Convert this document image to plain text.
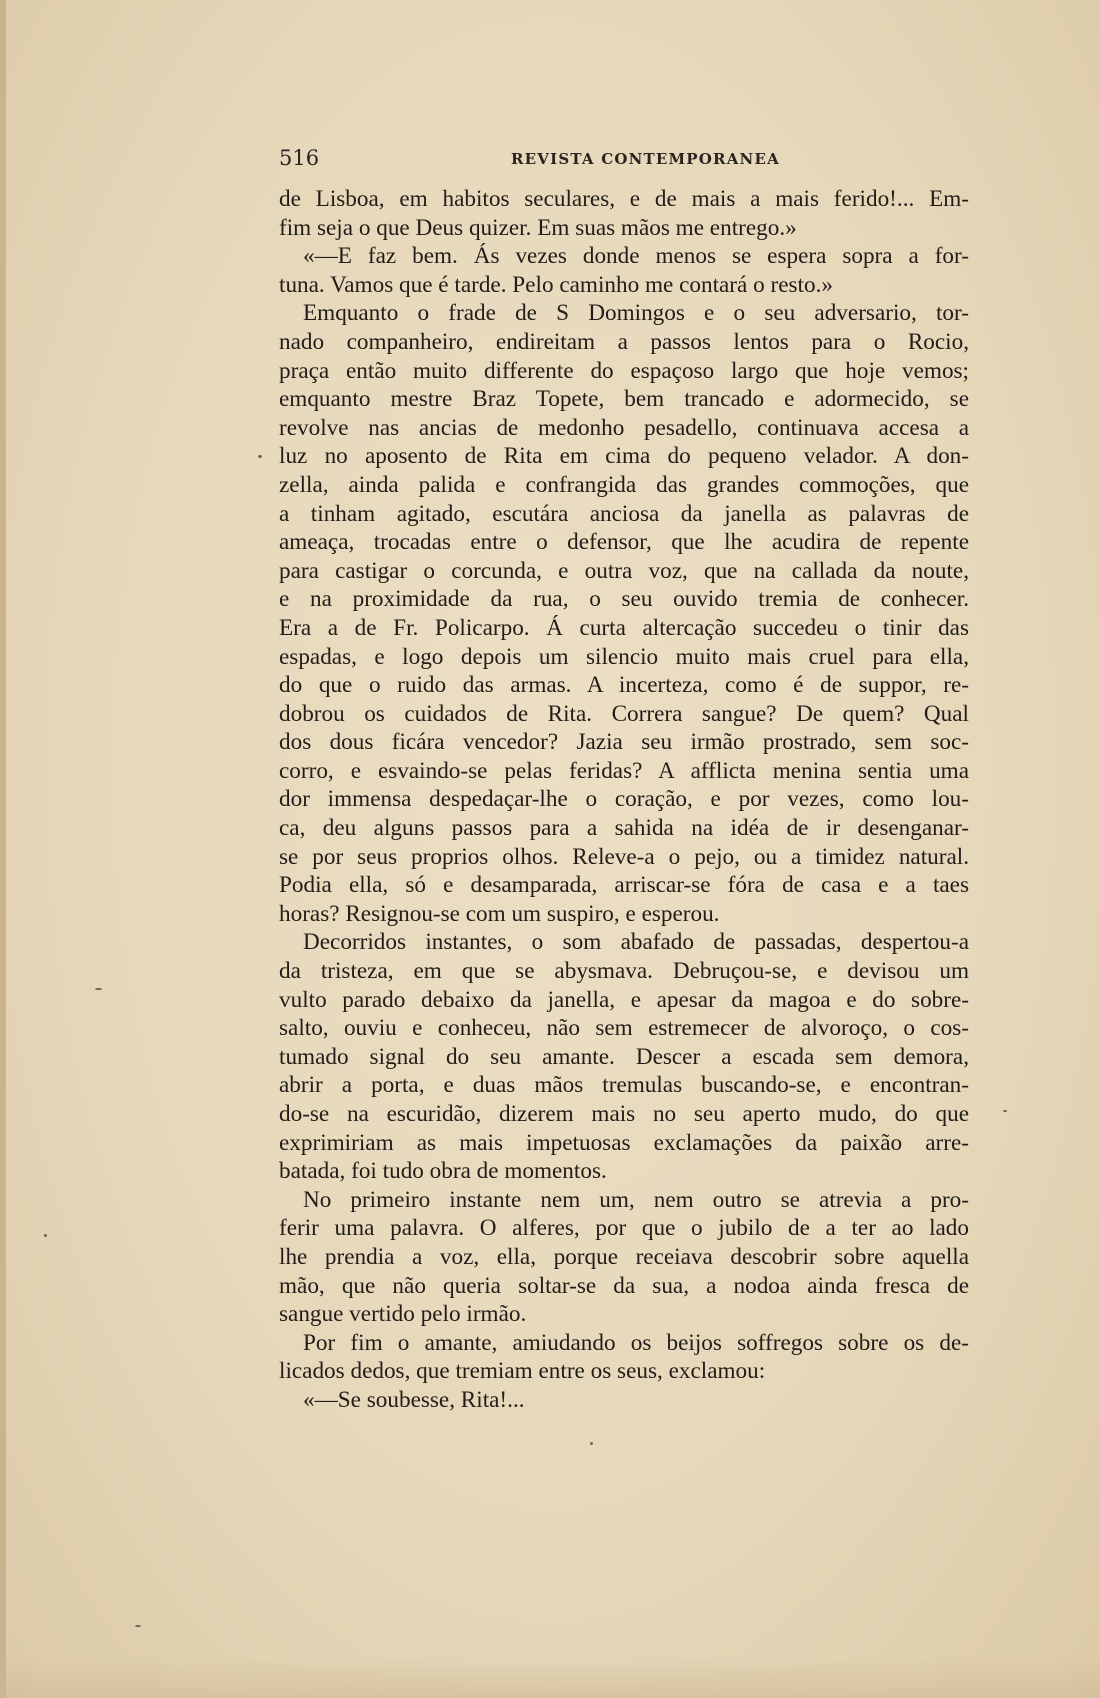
516	REVISTA CONTEMPORANEA
de Lisboa, em habitos seculares, e de mais a mais ferido!... Em-
fim seja o que Deus quizer. Em suas mãos me entrego.»
«—E faz bem. Ás vezes donde menos se espera sopra a for-
tuna. Vamos que é tarde. Pelo caminho me contará o resto.»
Emquanto o frade de S Domingos e o seu adversario, tor-
nado companheiro, endireitam a passos lentos para o Rocio,
praça então muito differente do espaçoso largo que hoje vemos;
emquanto mestre Braz Topete, bem trancado e adormecido, se
revolve nas ancias de medonho pesadello, continuava accesa a
luz no aposento de Rita em cima do pequeno velador. A don-
zella, ainda palida e confrangida das grandes commoções, que
a tinham agitado, escutára anciosa da janella as palavras de
ameaça, trocadas entre o defensor, que lhe acudira de repente
para castigar o corcunda, e outra voz, que na callada da noute,
e na proximidade da rua, o seu ouvido tremia de conhecer.
Era a de Fr. Policarpo. Á curta altercação succedeu o tinir das
espadas, e logo depois um silencio muito mais cruel para ella,
do que o ruido das armas. A incerteza, como é de suppor, re-
dobrou os cuidados de Rita. Correra sangue? De quem? Qual
dos dous ficára vencedor? Jazia seu irmão prostrado, sem soc-
corro, e esvaindo-se pelas feridas? A afflicta menina sentia uma
dor immensa despedaçar-lhe o coração, e por vezes, como lou-
ca, deu alguns passos para a sahida na idéa de ir desenganar-
se por seus proprios olhos. Releve-a o pejo, ou a timidez natural.
Podia ella, só e desamparada, arriscar-se fóra de casa e a taes
horas? Resignou-se com um suspiro, e esperou.
Decorridos instantes, o som abafado de passadas, despertou-a
da tristeza, em que se abysmava. Debruçou-se, e devisou um
vulto parado debaixo da janella, e apesar da magoa e do sobre-
salto, ouviu e conheceu, não sem estremecer de alvoroço, o cos-
tumado signal do seu amante. Descer a escada sem demora,
abrir a porta, e duas mãos tremulas buscando-se, e encontran-
do-se na escuridão, dizerem mais no seu aperto mudo, do que
exprimiriam as mais impetuosas exclamações da paixão arre-
batada, foi tudo obra de momentos.
No primeiro instante nem um, nem outro se atrevia a pro-
ferir uma palavra. O alferes, por que o jubilo de a ter ao lado
lhe prendia a voz, ella, porque receiava descobrir sobre aquella
mão, que não queria soltar-se da sua, a nodoa ainda fresca de
sangue vertido pelo irmão.
Por fim o amante, amiudando os beijos soffregos sobre os de-
licados dedos, que tremiam entre os seus, exclamou:
«—Se soubesse, Rita!...
